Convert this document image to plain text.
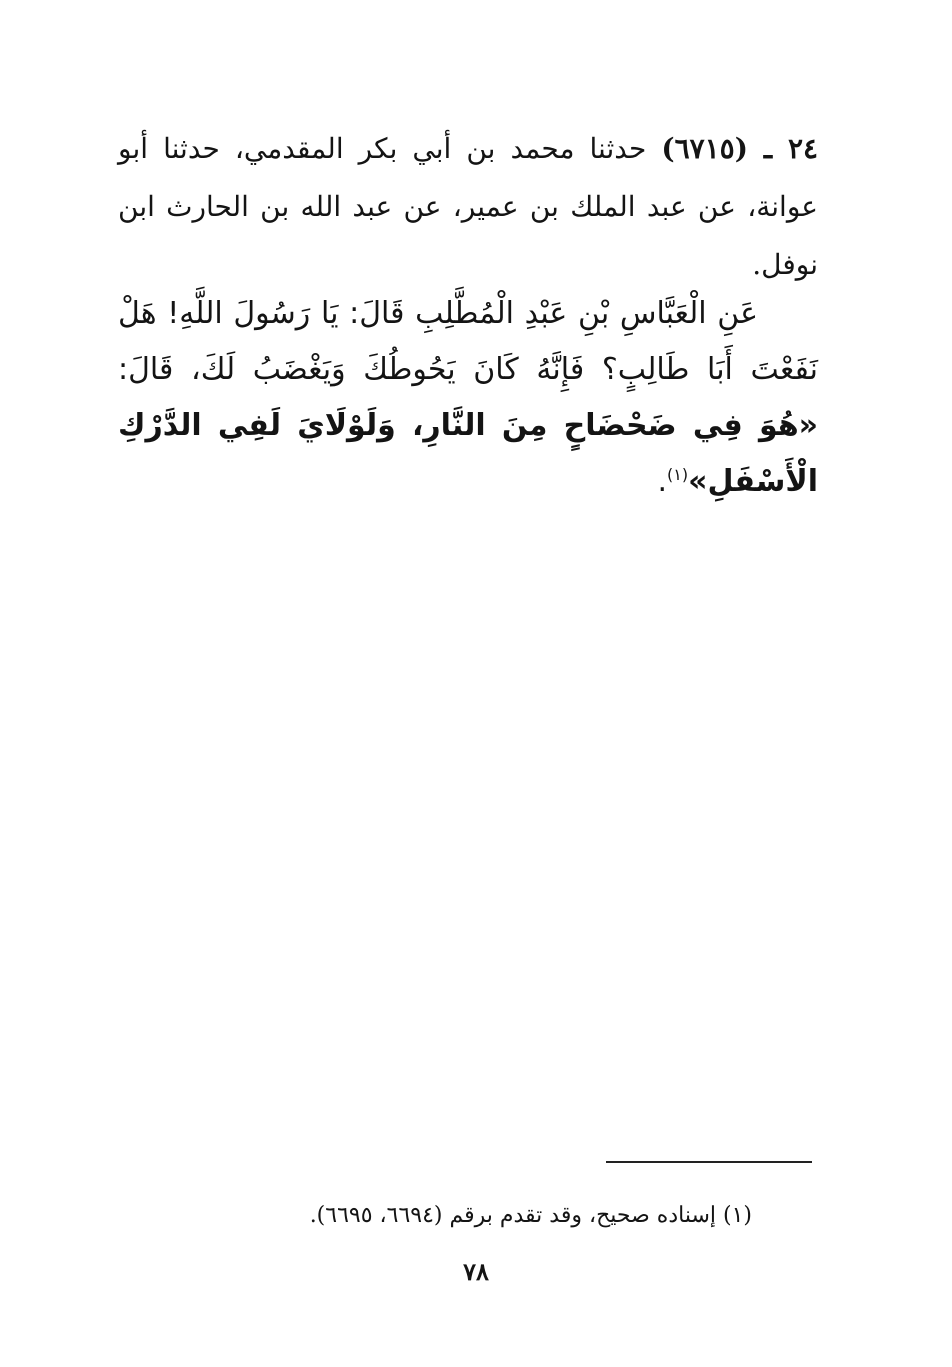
٢٤ ـ (٦٧١٥) حدثنا محمد بن أبي بكر المقدمي، حدثنا أبو عوانة، عن عبد الملك بن عمير، عن عبد الله بن الحارث ابن نوفل.
عَنِ الْعَبَّاسِ بْنِ عَبْدِ الْمُطَّلِبِ قَالَ: يَا رَسُولَ اللَّهِ! هَلْ نَفَعْتَ أَبَا طَالِبٍ؟ فَإِنَّهُ كَانَ يَحُوطُكَ وَيَغْضَبُ لَكَ، قَالَ: «هُوَ فِي ضَحْضَاحٍ مِنَ النَّارِ، وَلَوْلَايَ لَفِي الدَّرْكِ الْأَسْفَلِ»$^{(١)}$.
(١) إسناده صحيح، وقد تقدم برقم (٦٦٩٤، ٦٦٩٥).
٧٨
